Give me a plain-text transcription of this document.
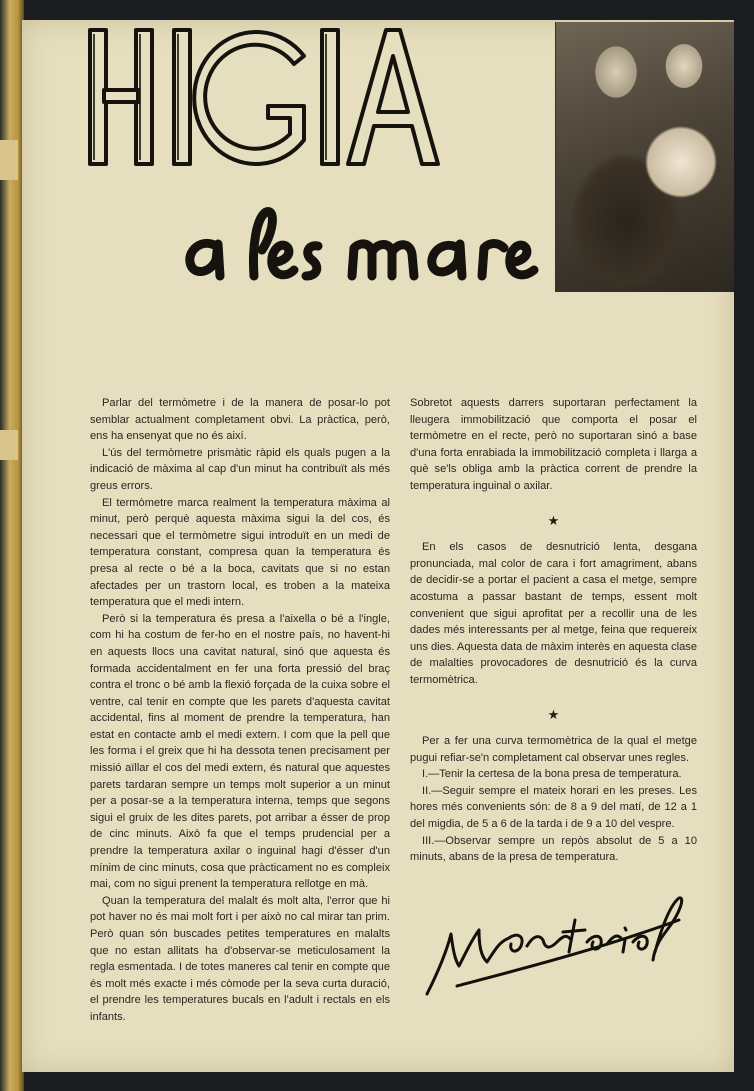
Parlar del termòmetre i de la manera de posar-lo pot semblar actualment completament obvi. La pràctica, però, ens ha ensenyat que no és així.

L'ús del termòmetre prismàtic ràpid els quals pugen a la indicació de màxima al cap d'un minut ha contribuït als més greus errors.

El termòmetre marca realment la temperatura màxima al minut, però perquè aquesta màxima sigui la del cos, és necessari que el termòmetre sigui introduït en un medi de temperatura constant, compresa quan la temperatura és presa al recte o bé a la boca, cavitats que si no estan afectades per un trastorn local, es troben a la mateixa temperatura que el medi intern.

Però si la temperatura és presa a l'aixella o bé a l'ingle, com hi ha costum de fer-ho en el nostre país, no havent-hi en aquests llocs una cavitat natural, sinó que aquesta és formada accidentalment en fer una forta pressió del braç contra el tronc o bé amb la flexió forçada de la cuixa sobre el ventre, cal tenir en compte que les parets d'aquesta cavitat accidental, fins al moment de prendre la temperatura, han estat en contacte amb el medi extern. I com que la pell que les forma i el greix que hi ha dessota tenen precisament per missió aïllar el cos del medi extern, és natural que aquestes parets tardaran sempre un temps molt superior a un minut per a posar-se a la temperatura interna, temps que segons sigui el gruix de les dites parets, pot arribar a ésser de prop de cinc minuts. Això fa que el temps prudencial per a prendre la temperatura axilar o inguinal hagi d'ésser d'un mínim de cinc minuts, cosa que pràcticament no es compleix mai, com no sigui prenent la temperatura rellotge en mà.

Quan la temperatura del malalt és molt alta, l'error que hi pot haver no és mai molt fort i per això no cal mirar tan prim. Però quan són buscades petites temperatures en malalts que no estan allitats ha d'observar-se meticulosament la regla esmentada. I de totes maneres cal tenir en compte que és molt més exacte i més còmode per la seva curta duració, el prendre les temperatures bucals en l'adult i rectals en els infants.

Sobretot aquests darrers suportaran perfectament la lleugera immobilització que comporta el posar el termòmetre en el recte, però no suportaran sinó a base d'una forta enrabiada la immobilització completa i llarga a què se'ls obliga amb la pràctica corrent de prendre la temperatura inguinal o axilar.

★

En els casos de desnutrició lenta, desgana pronunciada, mal color de cara i fort amagriment, abans de decidir-se a portar el pacient a casa el metge, sempre acostuma a passar bastant de temps, essent molt convenient que sigui aprofitat per a recollir una de les dades més interessants per al metge, feina que requereix uns dies. Aquesta data de màxim interès en aquesta clase de malalties provocadores de desnutrició és la curva termomètrica.

★

Per a fer una curva termomètrica de la qual el metge pugui refiar-se'n completament cal observar unes regles.

I.—Tenir la certesa de la bona presa de temperatura.

II.—Seguir sempre el mateix horari en les preses. Les hores més convenients són: de 8 a 9 del matí, de 12 a 1 del migdia, de 5 a 6 de la tarda i de 9 a 10 del vespre.

III.—Observar sempre un repòs absolut de 5 a 10 minuts, abans de la presa de temperatura.
